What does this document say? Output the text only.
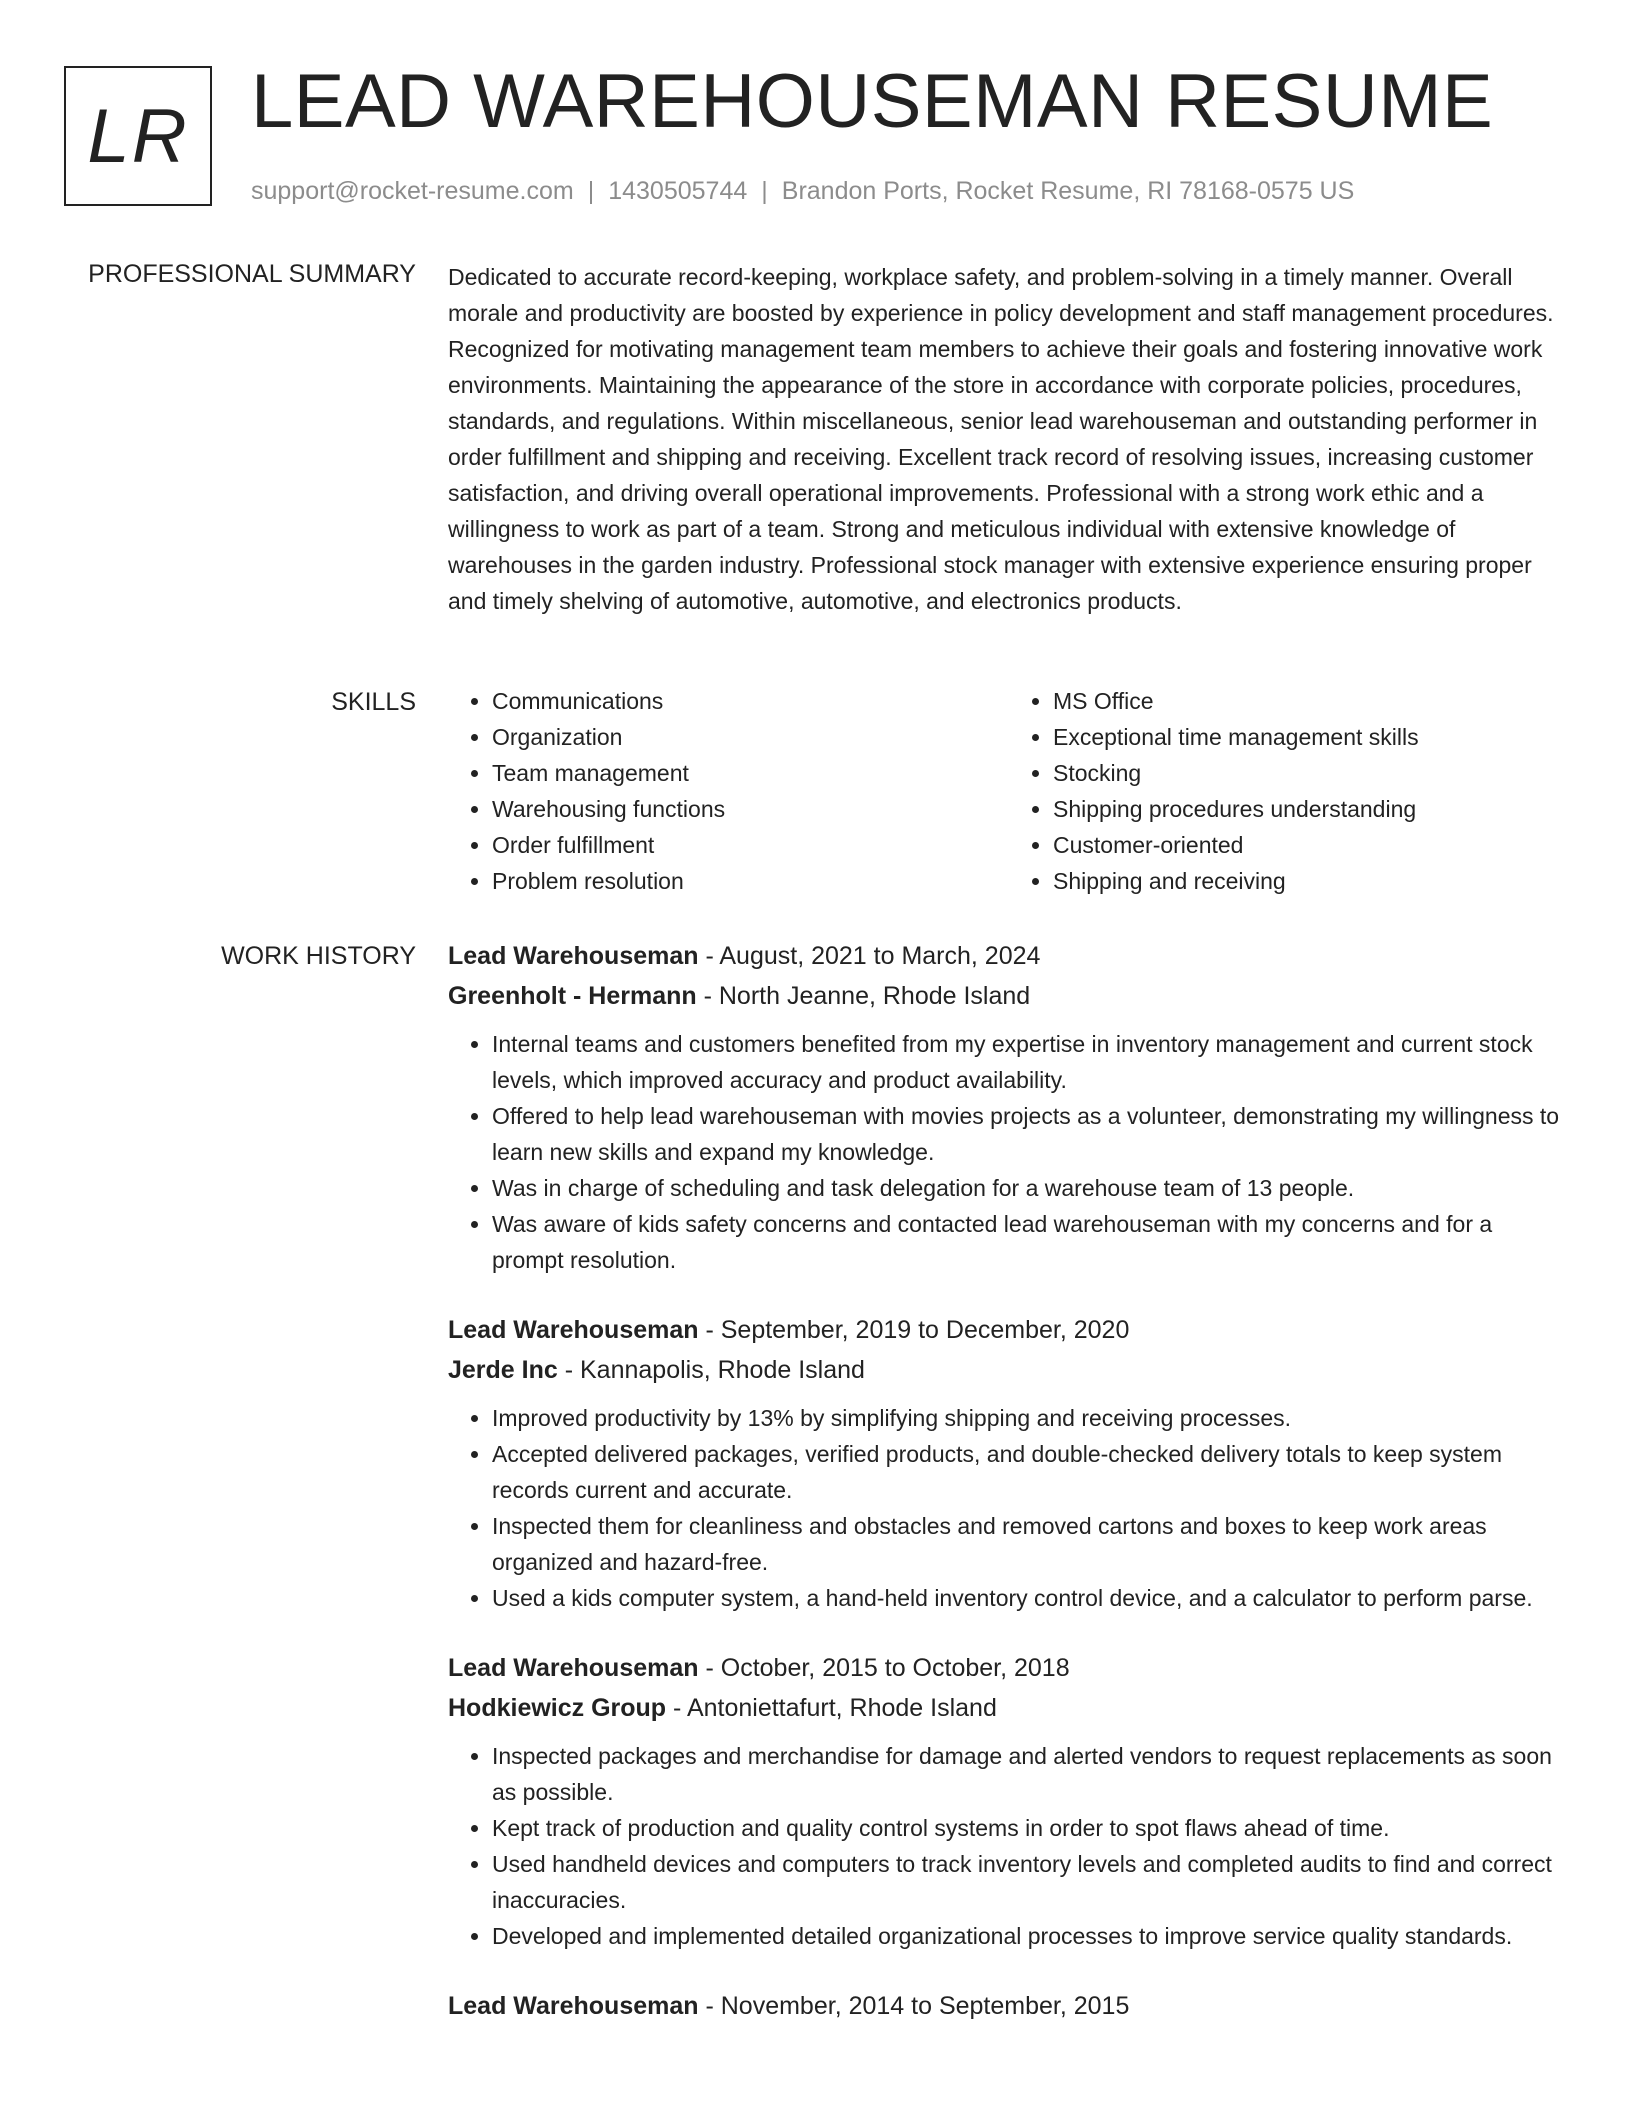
LR LEAD WAREHOUSEMAN RESUME
support@rocket-resume.com | 1430505744 | Brandon Ports, Rocket Resume, RI 78168-0575 US
PROFESSIONAL SUMMARY Dedicated to accurate record-keeping, workplace safety, and problem-solving in a timely manner. Overall morale and productivity are boosted by experience in policy development and staff management procedures. Recognized for motivating management team members to achieve their goals and fostering innovative work environments. Maintaining the appearance of the store in accordance with corporate policies, procedures, standards, and regulations. Within miscellaneous, senior lead warehouseman and outstanding performer in order fulfillment and shipping and receiving. Excellent track record of resolving issues, increasing customer satisfaction, and driving overall operational improvements. Professional with a strong work ethic and a willingness to work as part of a team. Strong and meticulous individual with extensive knowledge of warehouses in the garden industry. Professional stock manager with extensive experience ensuring proper and timely shelving of automotive, automotive, and electronics products.

SKILLS
•	Communications
• Organization
• Team management
• Warehousing functions
• Order fulfillment
• Problem resolution
• MS Office
• Exceptional time management skills
• Stocking
• Shipping procedures understanding
• Customer-oriented
• Shipping and receiving
WORK HISTORY Lead Warehouseman - August, 2021 to March, 2024
Greenholt - Hermann - North Jeanne, Rhode Island
• Internal teams and customers benefited from my expertise in inventory management and current stock levels, which improved accuracy and product availability.
• Offered to help lead warehouseman with movies projects as a volunteer, demonstrating my willingness to learn new skills and expand my knowledge.
• Was in charge of scheduling and task delegation for a warehouse team of 13 people.
• Was aware of kids safety concerns and contacted lead warehouseman with my concerns and for a prompt resolution.
Lead Warehouseman - September, 2019 to December, 2020
Jerde Inc - Kannapolis, Rhode Island
• Improved productivity by 13% by simplifying shipping and receiving processes.
• Accepted delivered packages, verified products, and double-checked delivery totals to keep system records current and accurate.
• Inspected them for cleanliness and obstacles and removed cartons and boxes to keep work areas organized and hazard-free.
• Used a kids computer system, a hand-held inventory control device, and a calculator to perform parse.
Lead Warehouseman - October, 2015 to October, 2018
Hodkiewicz Group - Antoniettafurt, Rhode Island
• Inspected packages and merchandise for damage and alerted vendors to request replacements as soon as possible.
• Kept track of production and quality control systems in order to spot flaws ahead of time.
• Used handheld devices and computers to track inventory levels and completed audits to find and correct inaccuracies.
• Developed and implemented detailed organizational processes to improve service quality standards.
Lead Warehouseman - November, 2014 to September, 2015
